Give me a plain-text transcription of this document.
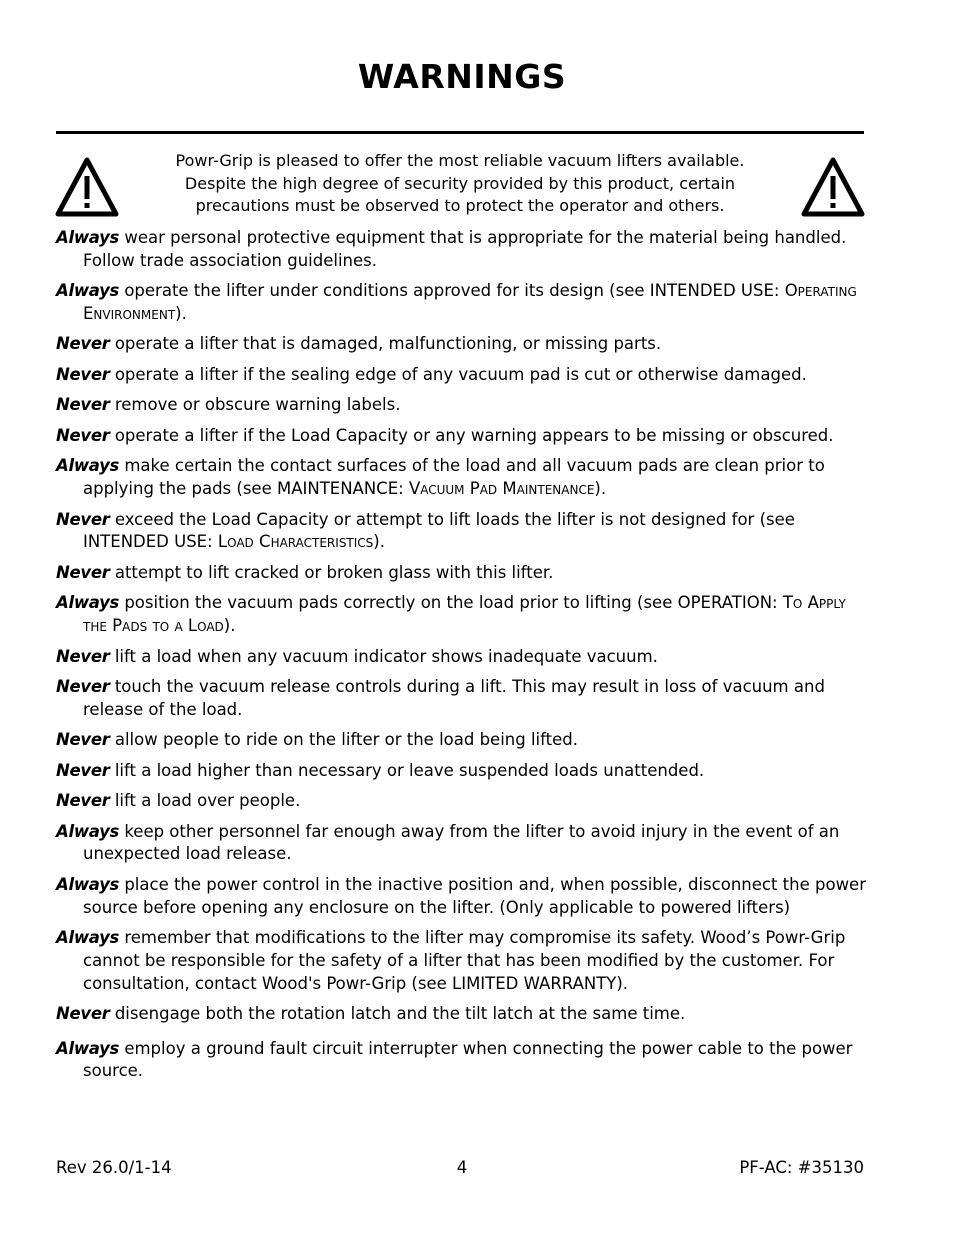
WARNINGS
Powr-Grip is pleased to offer the most reliable vacuum lifters available.
Despite the high degree of security provided by this product, certain
precautions must be observed to protect the operator and others.
Always wear personal protective equipment that is appropriate for the material being handled. Follow trade association guidelines.
Always operate the lifter under conditions approved for its design (see INTENDED USE: Operating Environment).
Never operate a lifter that is damaged, malfunctioning, or missing parts.
Never operate a lifter if the sealing edge of any vacuum pad is cut or otherwise damaged.
Never remove or obscure warning labels.
Never operate a lifter if the Load Capacity or any warning appears to be missing or obscured.
Always make certain the contact surfaces of the load and all vacuum pads are clean prior to applying the pads (see MAINTENANCE: Vacuum Pad Maintenance).
Never exceed the Load Capacity or attempt to lift loads the lifter is not designed for (see INTENDED USE: Load Characteristics).
Never attempt to lift cracked or broken glass with this lifter.
Always position the vacuum pads correctly on the load prior to lifting (see OPERATION: To Apply the Pads to a Load).
Never lift a load when any vacuum indicator shows inadequate vacuum.
Never touch the vacuum release controls during a lift. This may result in loss of vacuum and release of the load.
Never allow people to ride on the lifter or the load being lifted.
Never lift a load higher than necessary or leave suspended loads unattended.
Never lift a load over people.
Always keep other personnel far enough away from the lifter to avoid injury in the event of an unexpected load release.
Always place the power control in the inactive position and, when possible, disconnect the power source before opening any enclosure on the lifter. (Only applicable to powered lifters)
Always remember that modifications to the lifter may compromise its safety. Wood’s Powr-Grip cannot be responsible for the safety of a lifter that has been modified by the customer. For consultation, contact Wood's Powr-Grip (see LIMITED WARRANTY).
Never disengage both the rotation latch and the tilt latch at the same time.
Always employ a ground fault circuit interrupter when connecting the power cable to the power source.
Rev 26.0/1-14	4	PF-AC: #35130
